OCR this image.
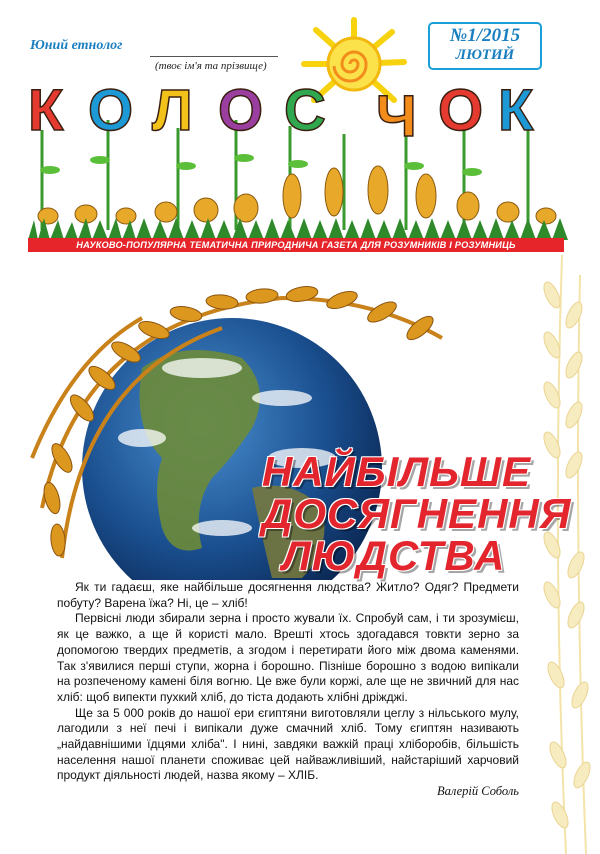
Юний етнолог
(твоє ім'я та прізвище)
№1/2015
ЛЮТИЙ
К О Л О С Ч О К
НАУКОВО-ПОПУЛЯРНА ТЕМАТИЧНА ПРИРОДНИЧА ГАЗЕТА ДЛЯ РОЗУМНИКІВ І РОЗУМНИЦЬ
НАЙБІЛЬШЕ
ДОСЯГНЕННЯ
ЛЮДСТВА

Як ти гадаєш, яке найбільше досягнення людства? Житло? Одяг? Предмети побуту? Варена їжа? Ні, це – хліб!

Первісні люди збирали зерна і просто жували їх. Спробуй сам, і ти зрозумієш, як це важко, а ще й користі мало. Врешті хтось здогадався товкти зерно за допомогою твердих предметів, а згодом і перетирати його між двома каменями. Так з'явилися перші ступи, жорна і борошно. Пізніше борошно з водою випікали на розпеченому камені біля вогню. Це вже були коржі, але ще не звичний для нас хліб: щоб випекти пухкий хліб, до тіста додають хлібні дріжджі.

Ще за 5 000 років до нашої ери єгиптяни виготовляли цеглу з нільського мулу, лагодили з неї печі і випікали дуже смачний хліб. Тому єгиптян називають „найдавнішими їдцями хліба". І нині, завдяки важкій праці хліборобів, більшість населення нашої планети споживає цей найважливіший, найстаріший харчовий продукт діяльності людей, назва якому – ХЛІБ.

Валерій Соболь
